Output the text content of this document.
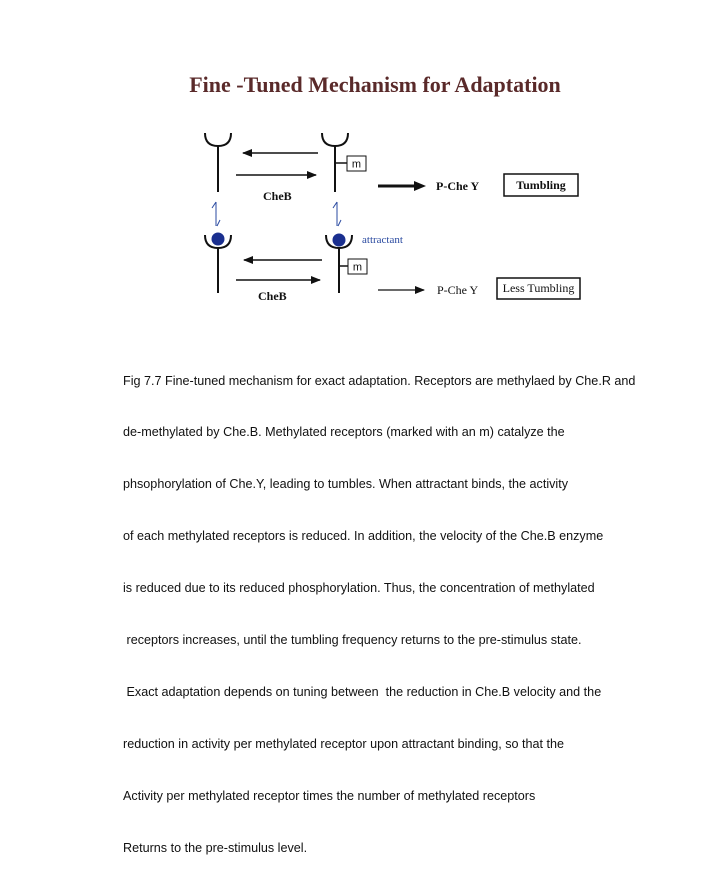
Fine -Tuned Mechanism for Adaptation
m
CheB
P-Che Y	Tumbling
attractant
m
CheB	P-Che Y Less Tumbling

Fig 7.7 Fine-tuned mechanism for exact adaptation. Receptors are methylaed by Che.R and

de-methylated by Che.B. Methylated receptors (marked with an m) catalyze the

phsophorylation of Che.Y, leading to tumbles. When attractant binds, the activity

of each methylated receptors is reduced. In addition, the velocity of the Che.B enzyme

is reduced due to its reduced phosphorylation. Thus, the concentration of methylated

receptors increases, until the tumbling frequency returns to the pre-stimulus state.

Exact adaptation depends on tuning between  the reduction in Che.B velocity and the

reduction in activity per methylated receptor upon attractant binding, so that the

Activity per methylated receptor times the number of methylated receptors

Returns to the pre-stimulus level.
